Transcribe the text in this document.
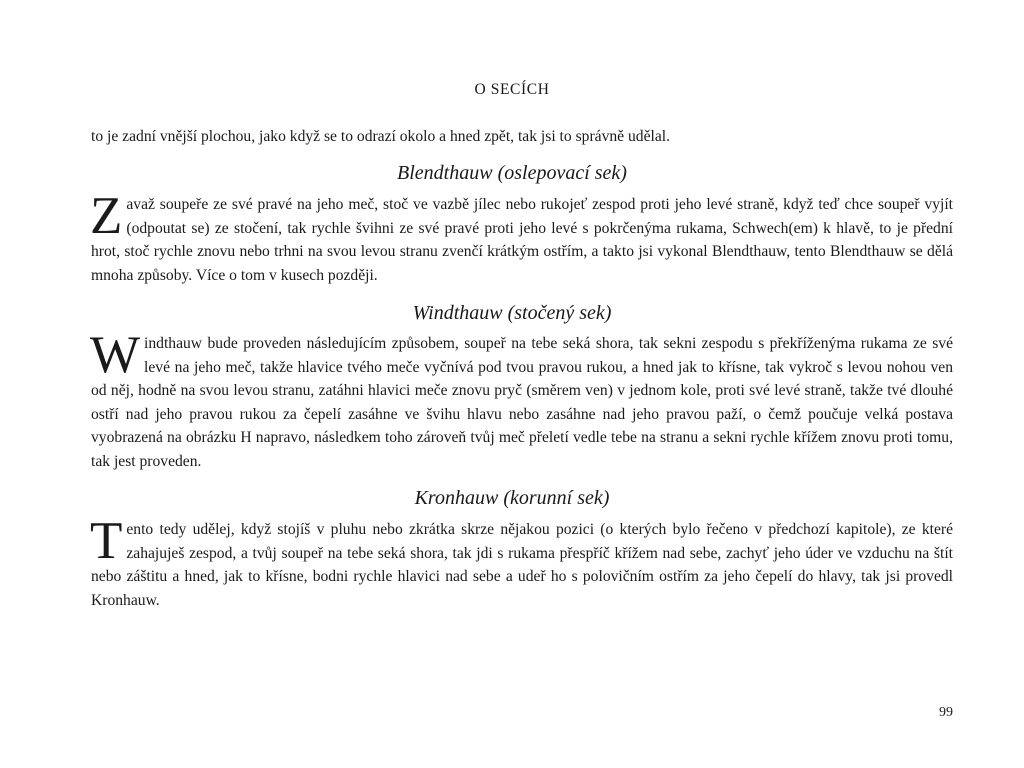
O SECÍCH
to je zadní vnější plochou, jako když se to odrazí okolo a hned zpět, tak jsi to správně udělal.
Blendthauw (oslepovací sek)
Zavaž soupeře ze své pravé na jeho meč, stoč ve vazbě jílec nebo rukojeť zespod proti jeho levé straně, když teď chce soupeř vyjít (odpoutat se) ze stočení, tak rychle švihni ze své pravé proti jeho levé s pokrčenýma rukama, Schwech(em) k hlavě, to je přední hrot, stoč rychle znovu nebo trhni na svou levou stranu zvenčí krátkým ostřím, a takto jsi vykonal Blendthauw, tento Blendthauw se dělá mnoha způsoby. Více o tom v kusech později.
Windthauw (stočený sek)
Windthauw bude proveden následujícím způsobem, soupeř na tebe seká shora, tak sekni zespodu s překříženýma rukama ze své levé na jeho meč, takže hlavice tvého meče vyčnívá pod tvou pravou rukou, a hned jak to křísne, tak vykroč s levou nohou ven od něj, hodně na svou levou stranu, zatáhni hlavici meče znovu pryč (směrem ven) v jednom kole, proti své levé straně, takže tvé dlouhé ostří nad jeho pravou rukou za čepelí zasáhne ve švihu hlavu nebo zasáhne nad jeho pravou paží, o čemž poučuje velká postava vyobrazená na obrázku H napravo, následkem toho zároveň tvůj meč přeletí vedle tebe na stranu a sekni rychle křížem znovu proti tomu, tak jest proveden.
Kronhauw (korunní sek)
Tento tedy udělej, když stojíš v pluhu nebo zkrátka skrze nějakou pozici (o kterých bylo řečeno v předchozí kapitole), ze které zahajuješ zespod, a tvůj soupeř na tebe seká shora, tak jdi s rukama přespříč křížem nad sebe, zachyť jeho úder ve vzduchu na štít nebo záštitu a hned, jak to křísne, bodni rychle hlavici nad sebe a udeř ho s polovičním ostřím za jeho čepelí do hlavy, tak jsi provedl Kronhauw.
99
